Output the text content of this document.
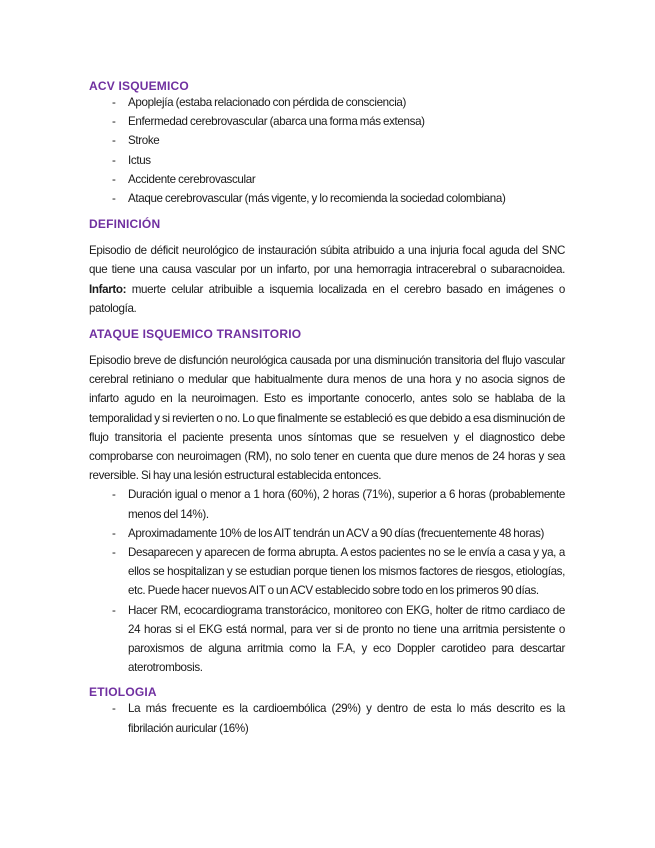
ACV ISQUEMICO
- Apoplejía (estaba relacionado con pérdida de consciencia)
- Enfermedad cerebrovascular (abarca una forma más extensa)
- Stroke
- Ictus
- Accidente cerebrovascular
- Ataque cerebrovascular (más vigente, y lo recomienda la sociedad colombiana)
DEFINICIÓN
Episodio de déficit neurológico de instauración súbita atribuido a una injuria focal aguda del SNC que tiene una causa vascular por un infarto, por una hemorragia intracerebral o subaracnoidea. Infarto: muerte celular atribuible a isquemia localizada en el cerebro basado en imágenes o patología.
ATAQUE ISQUEMICO TRANSITORIO
Episodio breve de disfunción neurológica causada por una disminución transitoria del flujo vascular cerebral retiniano o medular que habitualmente dura menos de una hora y no asocia signos de infarto agudo en la neuroimagen. Esto es importante conocerlo, antes solo se hablaba de la temporalidad y si revierten o no. Lo que finalmente se estableció es que debido a esa disminución de flujo transitoria el paciente presenta unos síntomas que se resuelven y el diagnostico debe comprobarse con neuroimagen (RM), no solo tener en cuenta que dure menos de 24 horas y sea reversible. Si hay una lesión estructural establecida entonces.
- Duración igual o menor a 1 hora (60%), 2 horas (71%), superior a 6 horas (probablemente menos del 14%).
- Aproximadamente 10% de los AIT tendrán un ACV a 90 días (frecuentemente 48 horas)
- Desaparecen y aparecen de forma abrupta. A estos pacientes no se le envía a casa y ya, a ellos se hospitalizan y se estudian porque tienen los mismos factores de riesgos, etiologías, etc. Puede hacer nuevos AIT o un ACV establecido sobre todo en los primeros 90 días.
- Hacer RM, ecocardiograma transtorácico, monitoreo con EKG, holter de ritmo cardiaco de 24 horas si el EKG está normal, para ver si de pronto no tiene una arritmia persistente o paroxismos de alguna arritmia como la F.A, y eco Doppler carotideo para descartar aterotrombosis.
ETIOLOGIA
- La más frecuente es la cardioembólica (29%) y dentro de esta lo más descrito es la fibrilación auricular (16%)
